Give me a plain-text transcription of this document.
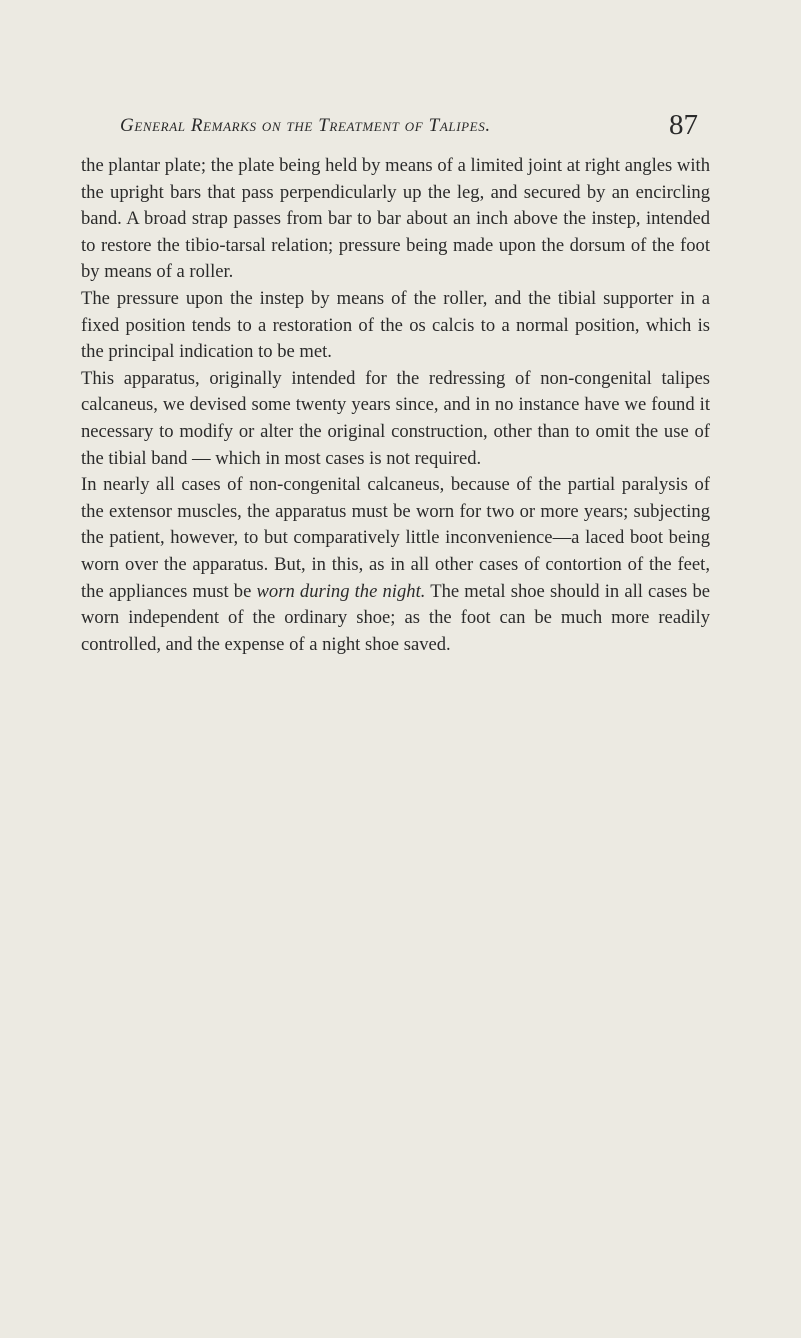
General Remarks on the Treatment of Talipes.	87

the plantar plate; the plate being held by means of a limited joint at right angles with the upright bars that pass perpendicularly up the leg, and secured by an encircling band. A broad strap passes from bar to bar about an inch above the instep, intended to restore the tibio-tarsal relation; pressure being made upon the dorsum of the foot by means of a roller.

The pressure upon the instep by means of the roller, and the tibial supporter in a fixed position tends to a restoration of the os calcis to a normal position, which is the principal indication to be met.

This apparatus, originally intended for the redressing of non-congenital talipes calcaneus, we devised some twenty years since, and in no instance have we found it necessary to modify or alter the original construction, other than to omit the use of the tibial band — which in most cases is not required.

In nearly all cases of non-congenital calcaneus, because of the partial paralysis of the extensor muscles, the apparatus must be worn for two or more years; subjecting the patient, however, to but comparatively little inconvenience—a laced boot being worn over the apparatus. But, in this, as in all other cases of contortion of the feet, the appliances must be worn during the night. The metal shoe should in all cases be worn independent of the ordinary shoe; as the foot can be much more readily controlled, and the expense of a night shoe saved.
